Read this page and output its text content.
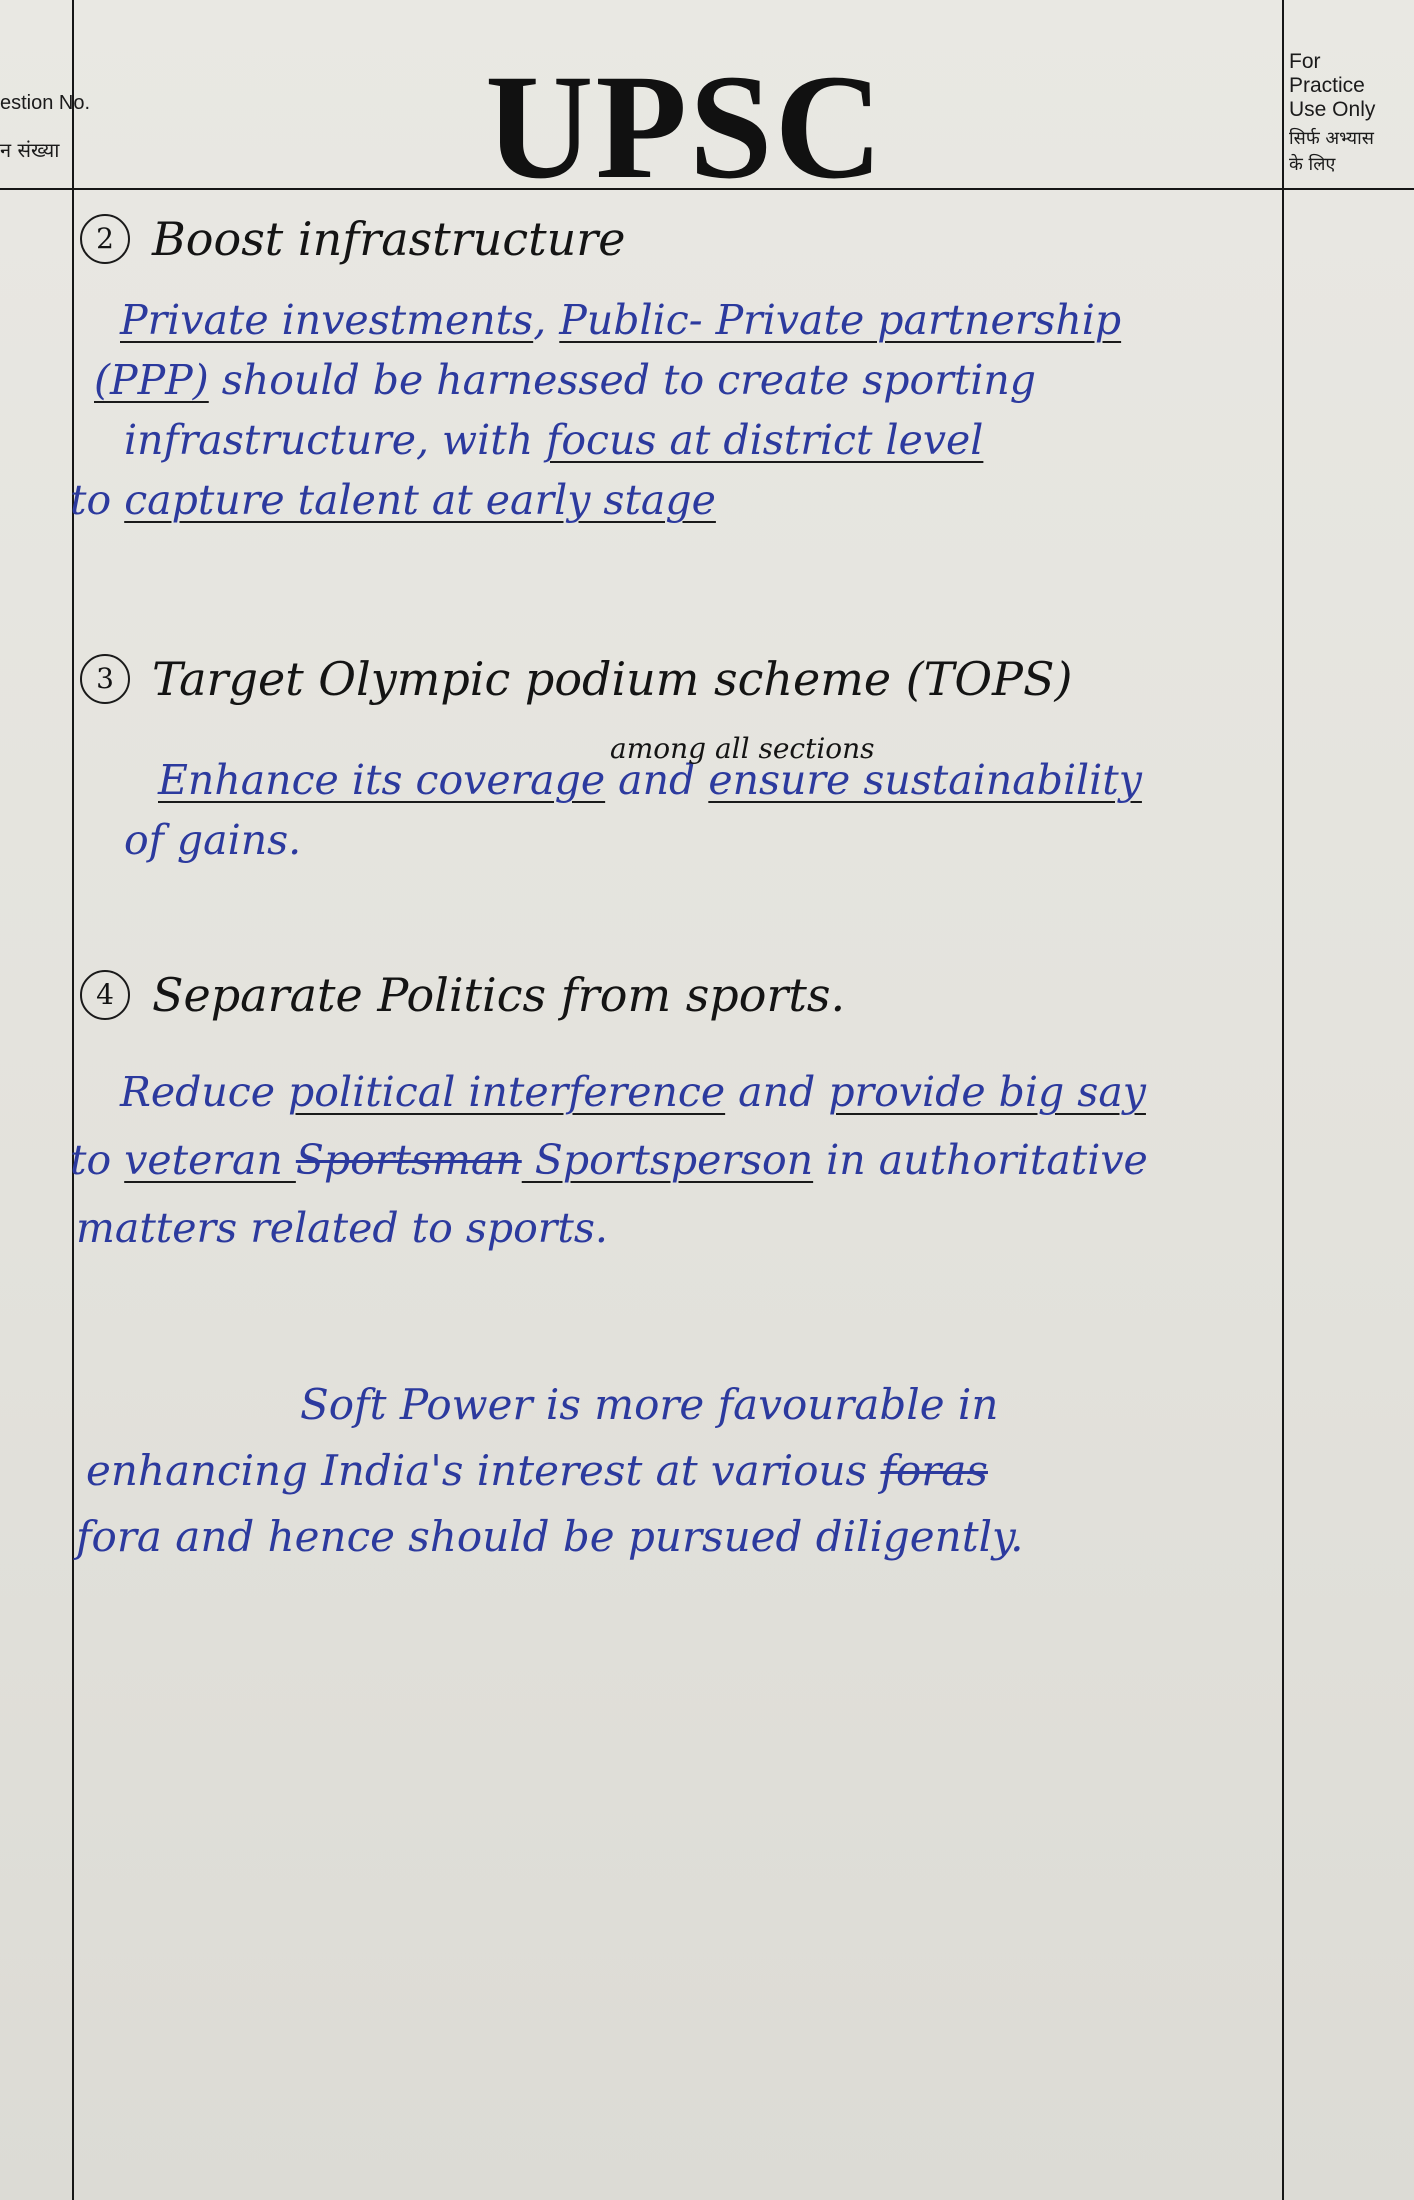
estion No.
न संख्या	UPSC	For
Practice
Use Only
सिर्फ अभ्यास
के लिए
2 Boost infrastructure

Private investments, Public- Private partnership

(PPP) should be harnessed to create sporting

infrastructure, with focus at district level

to capture talent at early stage

3 Target Olympic podium scheme (TOPS)
among all sections

Enhance its coverage and ensure sustainability

of gains.

4 Separate Politics from sports.

Reduce political interference and provide big say

to veteran Sportsman Sportsperson in authoritative

matters related to sports.

Soft Power is more favourable in

enhancing India's interest at various foras

fora and hence should be pursued diligently.
